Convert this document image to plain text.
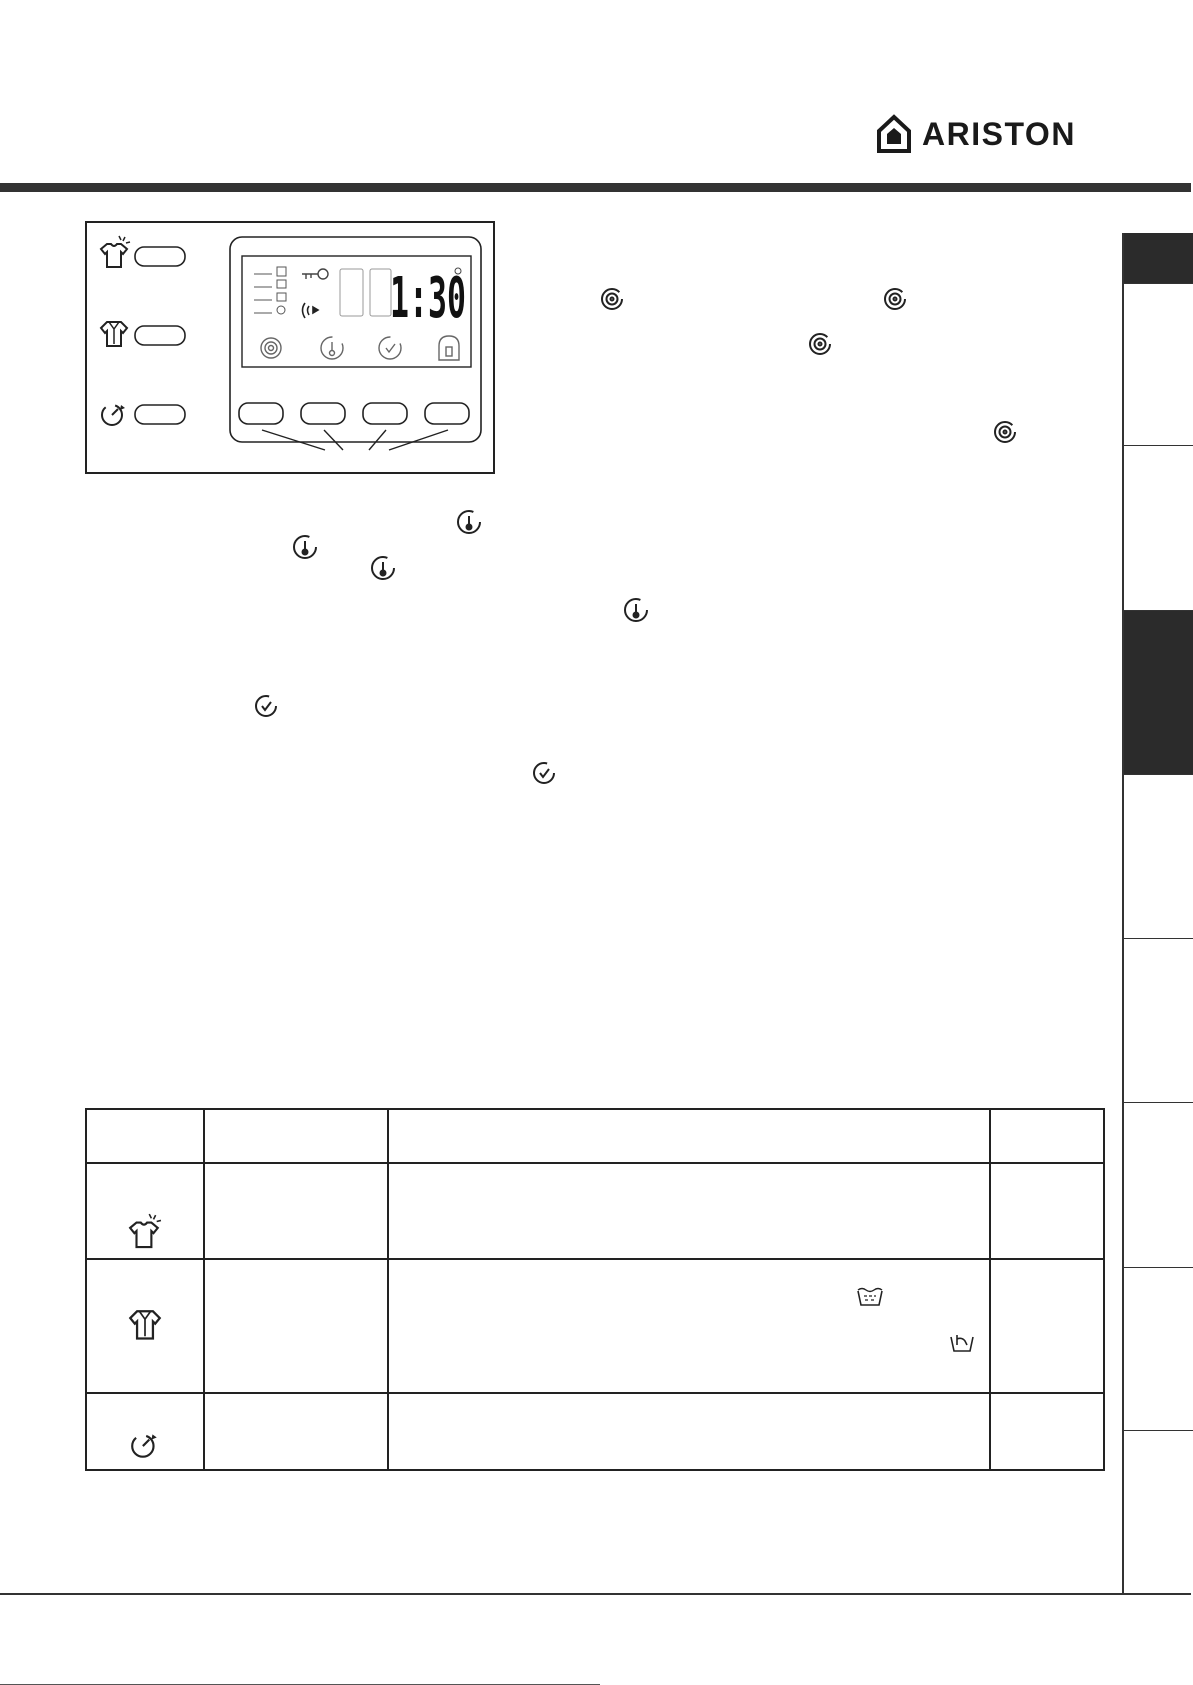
ARISTON
1:30
